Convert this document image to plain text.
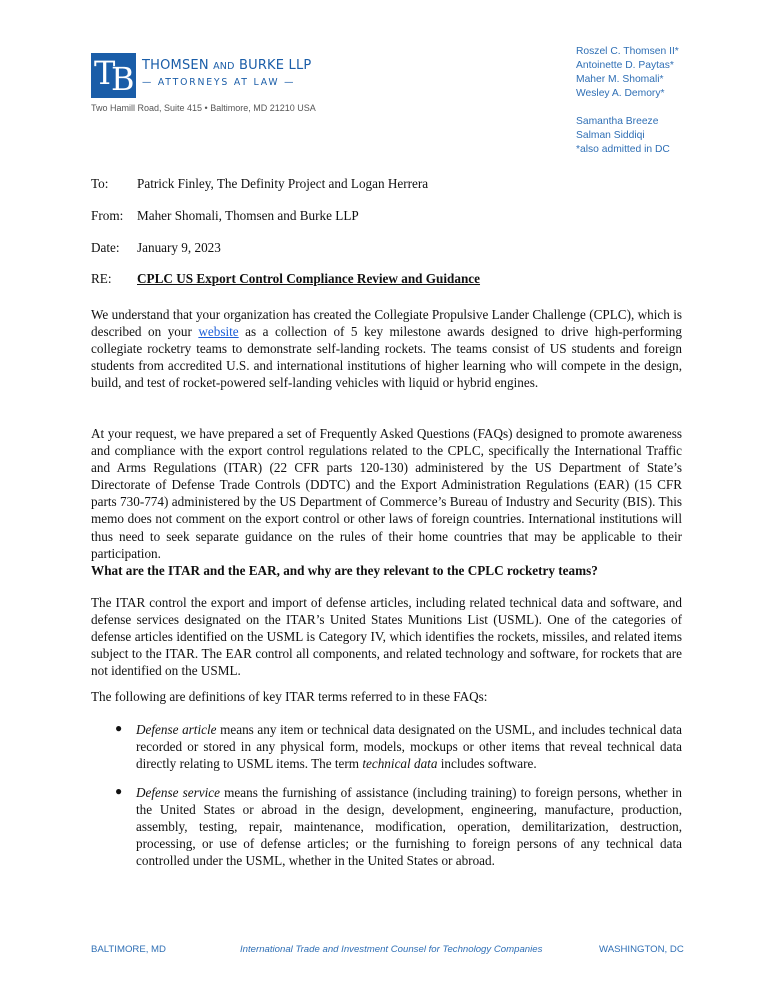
T
B THOMSEN AND BURKE LLP
— ATTORNEYS AT LAW —
Two Hamill Road, Suite 415 • Baltimore, MD 21210 USA
Roszel C. Thomsen II*
Antoinette D. Paytas*
Maher M. Shomali*
Wesley A. Demory*
Samantha Breeze
Salman Siddiqi
*also admitted in DC
To: Patrick Finley, The Definity Project and Logan Herrera
From: Maher Shomali, Thomsen and Burke LLP
Date: January 9, 2023
RE: CPLC US Export Control Compliance Review and Guidance

We understand that your organization has created the Collegiate Propulsive Lander Challenge (CPLC), which is described on your website as a collection of 5 key milestone awards designed to drive high-performing collegiate rocketry teams to demonstrate self-landing rockets. The teams consist of US students and foreign students from accredited U.S. and international institutions of higher learning who will compete in the design, build, and test of rocket-powered self-landing vehicles with liquid or hybrid engines.

At your request, we have prepared a set of Frequently Asked Questions (FAQs) designed to promote awareness and compliance with the export control regulations related to the CPLC, specifically the International Traffic and Arms Regulations (ITAR) (22 CFR parts 120-130) administered by the US Department of State’s Directorate of Defense Trade Controls (DDTC) and the Export Administration Regulations (EAR) (15 CFR parts 730-774) administered by the US Department of Commerce’s Bureau of Industry and Security (BIS). This memo does not comment on the export control or other laws of foreign countries. International institutions will thus need to seek separate guidance on the rules of their home countries that may be applicable to their participation.

What are the ITAR and the EAR, and why are they relevant to the CPLC rocketry teams?

The ITAR control the export and import of defense articles, including related technical data and software, and defense services designated on the ITAR’s United States Munitions List (USML). One of the categories of defense articles identified on the USML is Category IV, which identifies the rockets, missiles, and related items subject to the ITAR. The EAR control all components, and related technology and software, for rockets that are not identified on the USML.

The following are definitions of key ITAR terms referred to in these FAQs:

● Defense article means any item or technical data designated on the USML, and includes technical data recorded or stored in any physical form, models, mockups or other items that reveal technical data directly relating to USML items. The term technical data includes software.

● Defense service means the furnishing of assistance (including training) to foreign persons, whether in the United States or abroad in the design, development, engineering, manufacture, production, assembly, testing, repair, maintenance, modification, operation, demilitarization, destruction, processing, or use of defense articles; or the furnishing to foreign persons of any technical data controlled under the USML, whether in the United States or abroad.

BALTIMORE, MD	International Trade and Investment Counsel for Technology Companies	WASHINGTON, DC
